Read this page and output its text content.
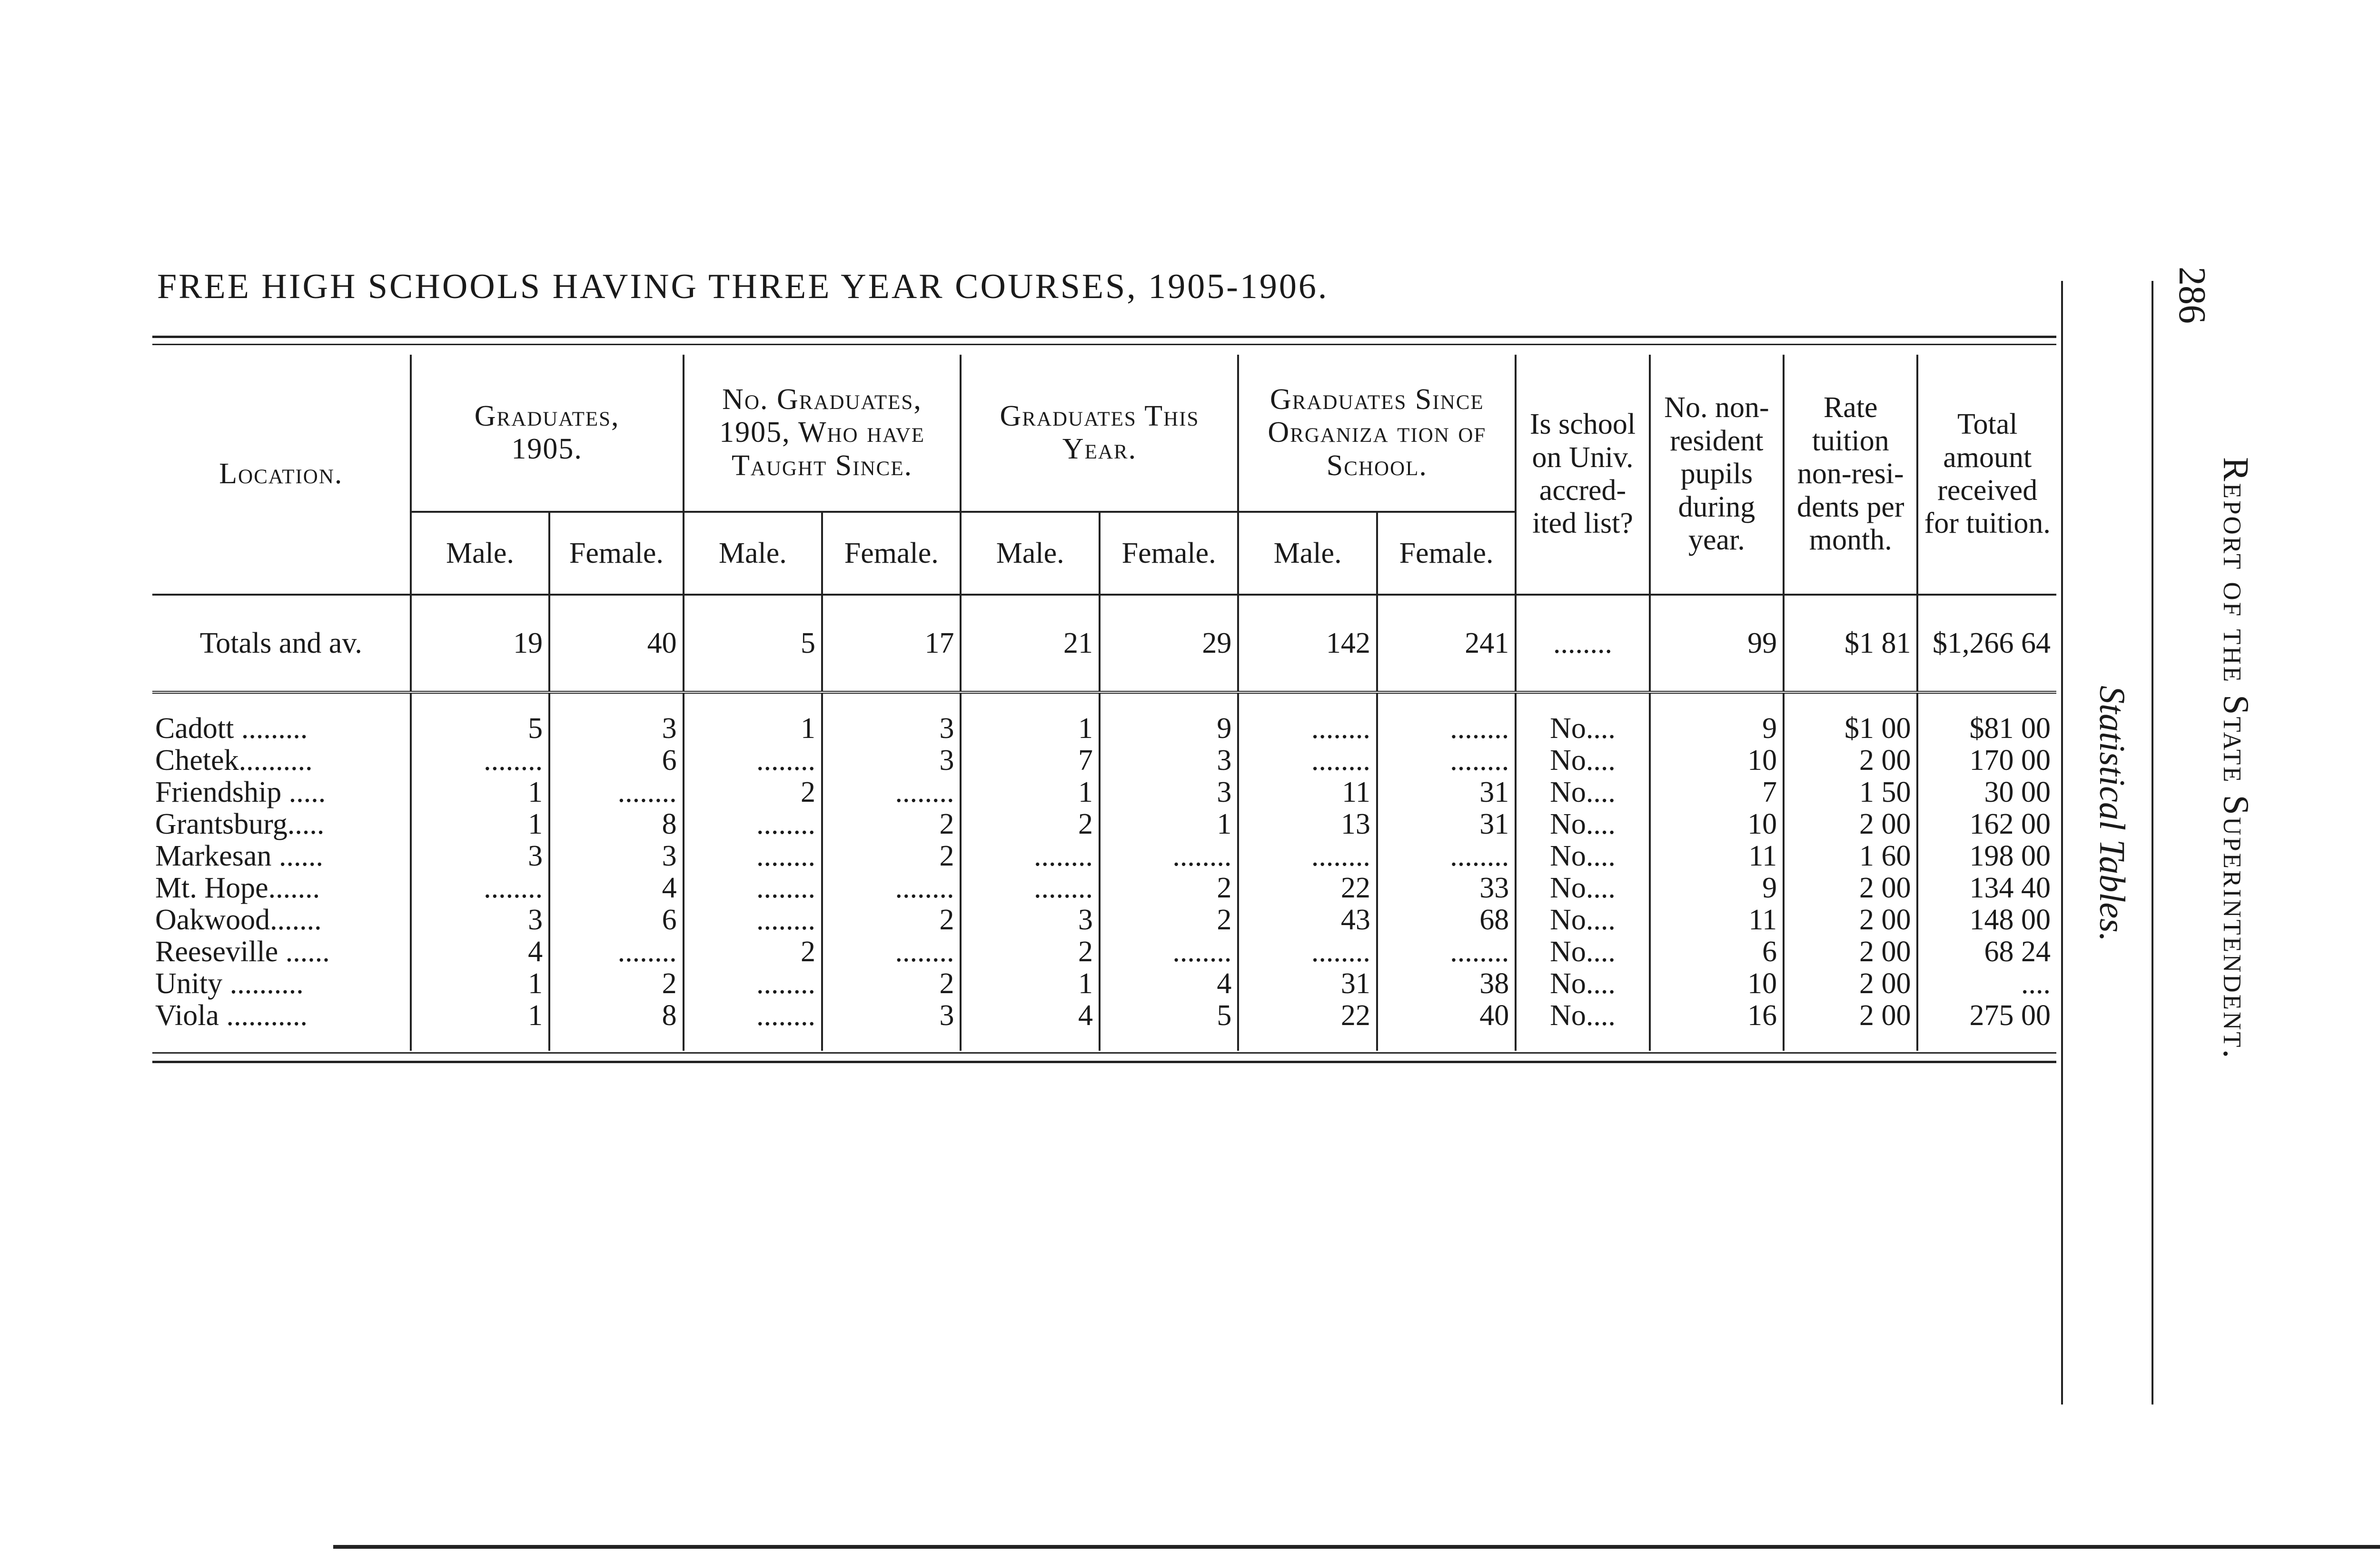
FREE HIGH SCHOOLS HAVING THREE YEAR COURSES, 1905-1906.
Location.	Graduates, 1905.		No. Graduates, 1905, Who have Taught Since.		Graduates This Year.		Graduates Since Organiza tion of School.		Is school on Univ. accred-ited list?	No. non-resident pupils during year.	Rate tuition non-resi-dents per month.	Total amount received for tuition.
	Male.	Female.	Male.	Female.	Male.	Female.	Male.	Female.				
Totals and av.	19	40	5	17	21	29	142	241	........	99	$1 81	$1,266 64

Cadott .........	5	3	1	3	1	9	........	........	No....	9	$1 00	$81 00
Chetek..........	........	6	........	3	7	3	........	........	No....	10	2 00	170 00
Friendship .....	1	........	2	........	1	3	11	31	No....	7	1 50	30 00
Grantsburg.....	1	8	........	2	2	1	13	31	No....	10	2 00	162 00
Markesan ......	3	3	........	2	........	........	........	........	No....	11	1 60	198 00
Mt. Hope.......	........	4	........	........	........	2	22	33	No....	9	2 00	134 40
Oakwood.......	3	6	........	2	3	2	43	68	No....	11	2 00	148 00
Reeseville ......	4	........	2	........	2	........	........	........	No....	6	2 00	68 24
Unity ..........	1	2	........	2	1	4	31	38	No....	10	2 00	....
Viola ...........	1	8	........	3	4	5	22	40	No....	16	2 00	275 00

286
Report of the State Superintendent.
Statistical Tables.
